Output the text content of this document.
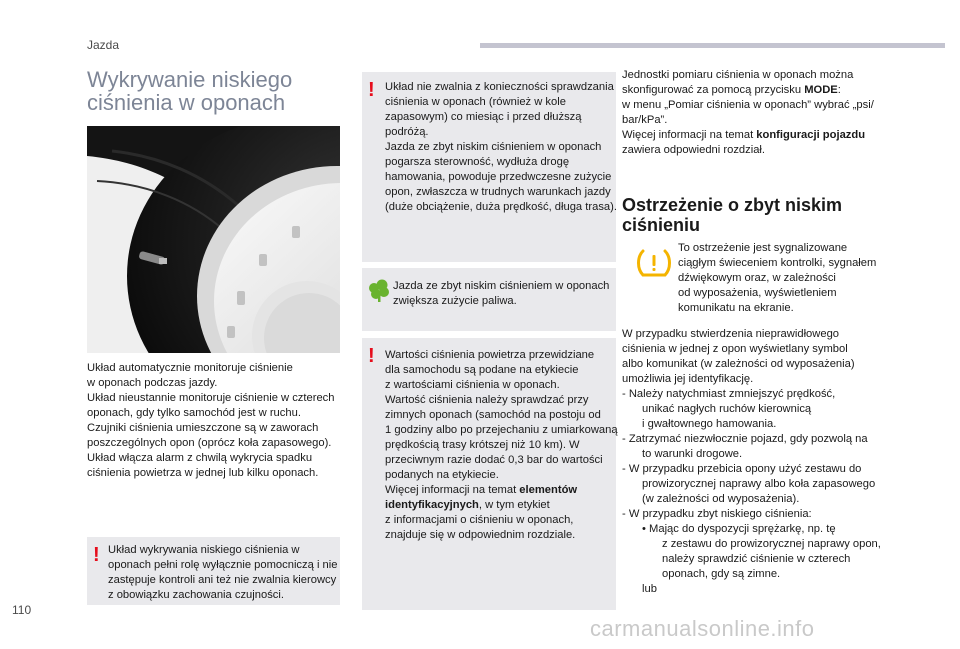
Jazda
Wykrywanie niskiego
ciśnienia w oponach
Układ automatycznie monitoruje ciśnienie
w oponach podczas jazdy.
Układ nieustannie monitoruje ciśnienie w czterech
oponach, gdy tylko samochód jest w ruchu.
Czujniki ciśnienia umieszczone są w zaworach
poszczególnych opon (oprócz koła zapasowego).
Układ włącza alarm z chwilą wykrycia spadku
ciśnienia powietrza w jednej lub kilku oponach.
! Układ wykrywania niskiego ciśnienia w
oponach pełni rolę wyłącznie pomocniczą i nie
zastępuje kontroli ani też nie zwalnia kierowcy
z obowiązku zachowania czujności.
! Układ nie zwalnia z konieczności sprawdzania
ciśnienia w oponach (również w kole
zapasowym) co miesiąc i przed dłuższą
podróżą.
Jazda ze zbyt niskim ciśnieniem w oponach
pogarsza sterowność, wydłuża drogę
hamowania, powoduje przedwczesne zużycie
opon, zwłaszcza w trudnych warunkach jazdy
(duże obciążenie, duża prędkość, długa trasa).
Jazda ze zbyt niskim ciśnieniem w oponach
zwiększa zużycie paliwa.
! Wartości ciśnienia powietrza przewidziane
dla samochodu są podane na etykiecie
z wartościami ciśnienia w oponach.
Wartość ciśnienia należy sprawdzać przy
zimnych oponach (samochód na postoju od
1 godziny albo po przejechaniu z umiarkowaną
prędkością trasy krótszej niż 10 km). W
przeciwnym razie dodać 0,3 bar do wartości
podanych na etykiecie.
Więcej informacji na temat elementów
identyfikacyjnych, w tym etykiet
z informacjami o ciśnieniu w oponach,
znajduje się w odpowiednim rozdziale.
Jednostki pomiaru ciśnienia w oponach można
skonfigurować za pomocą przycisku MODE:
w menu „Pomiar ciśnienia w oponach” wybrać „psi/
bar/kPa”.
Więcej informacji na temat konfiguracji pojazdu
zawiera odpowiedni rozdział.
Ostrzeżenie o zbyt niskim
ciśnieniu
To ostrzeżenie jest sygnalizowane
ciągłym świeceniem kontrolki, sygnałem
dźwiękowym oraz, w zależności
od wyposażenia, wyświetleniem
komunikatu na ekranie.
W przypadku stwierdzenia nieprawidłowego
ciśnienia w jednej z opon wyświetlany symbol
albo komunikat (w zależności od wyposażenia)
umożliwia jej identyfikację.
- Należy natychmiast zmniejszyć prędkość,
unikać nagłych ruchów kierownicą
i gwałtownego hamowania.
- Zatrzymać niezwłocznie pojazd, gdy pozwolą na
to warunki drogowe.
- W przypadku przebicia opony użyć zestawu do
prowizorycznej naprawy albo koła zapasowego
(w zależności od wyposażenia).
- W przypadku zbyt niskiego ciśnienia:
• Mając do dyspozycji sprężarkę, np. tę
z zestawu do prowizorycznej naprawy opon,
należy sprawdzić ciśnienie w czterech
oponach, gdy są zimne.
lub
110
carmanualsonline.info
